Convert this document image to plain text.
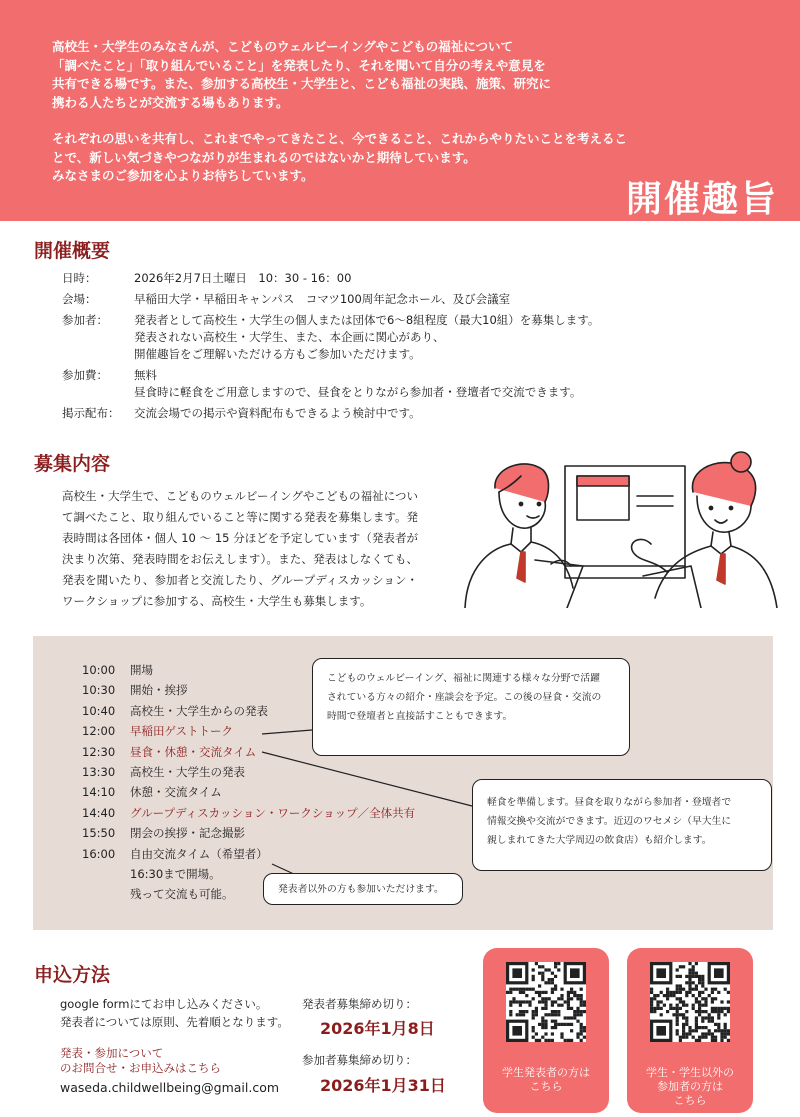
高校生・大学生のみなさんが、こどものウェルビーイングやこどもの福祉について
「調べたこと」「取り組んでいること」を発表したり、それを聞いて自分の考えや意見を
共有できる場です。また、参加する高校生・大学生と、こども福祉の実践、施策、研究に
携わる人たちとが交流する場もあります。

それぞれの思いを共有し、これまでやってきたこと、今できること、これからやりたいことを考えるこ
とで、新しい気づきやつながりが生まれるのではないかと期待しています。
みなさまのご参加を心よりお待ちしています。

開催趣旨
開催概要
日時：	2026年2月7日土曜日　10：30 - 16：00
会場：	早稲田大学・早稲田キャンパス　コマツ100周年記念ホール、及び会議室
参加者：	発表者として高校生・大学生の個人または団体で6～8組程度（最大10組）を募集します。
発表されない高校生・大学生、また、本企画に関心があり、
開催趣旨をご理解いただける方もご参加いただけます。
参加費：	無料
昼食時に軽食をご用意しますので、昼食をとりながら参加者・登壇者で交流できます。
掲示配布：	交流会場での掲示や資料配布もできるよう検討中です。
募集内容
高校生・大学生で、こどものウェルビーイングやこどもの福祉について調べたこと、取り組んでいること等に関する発表を募集します。発表時間は各団体・個人 10 ～ 15 分ほどを予定しています（発表者が決まり次第、発表時間をお伝えします）。また、発表はしなくても、発表を聞いたり、参加者と交流したり、グループディスカッション・ワークショップに参加する、高校生・大学生も募集します。
10:00	開場
10:30	開始・挨拶
10:40	高校生・大学生からの発表
12:00	早稲田ゲストトーク
12:30	昼食・休憩・交流タイム
13:30	高校生・大学生の発表
14:10	休憩・交流タイム
14:40	グループディスカッション・ワークショップ／全体共有
15:50	閉会の挨拶・記念撮影
16:00	自由交流タイム（希望者）
16:30まで開場。
残って交流も可能。
こどものウェルビーイング、福祉に関連する様々な分野で活躍
されている方々の紹介・座談会を予定。この後の昼食・交流の
時間で登壇者と直接話すこともできます。
軽食を準備します。昼食を取りながら参加者・登壇者で
情報交換や交流ができます。近辺のワセメシ（早大生に
親しまれてきた大学周辺の飲食店）も紹介します。
発表者以外の方も参加いただけます。
申込方法
google formにてお申し込みください。
発表者については原則、先着順となります。
発表・参加について
のお問合せ・お申込みはこちら
waseda.childwellbeing@gmail.com
発表者募集締め切り：
2026年1月8日
参加者募集締め切り：
2026年1月31日
学生発表者の方は
こちら
学生・学生以外の
参加者の方は
こちら
